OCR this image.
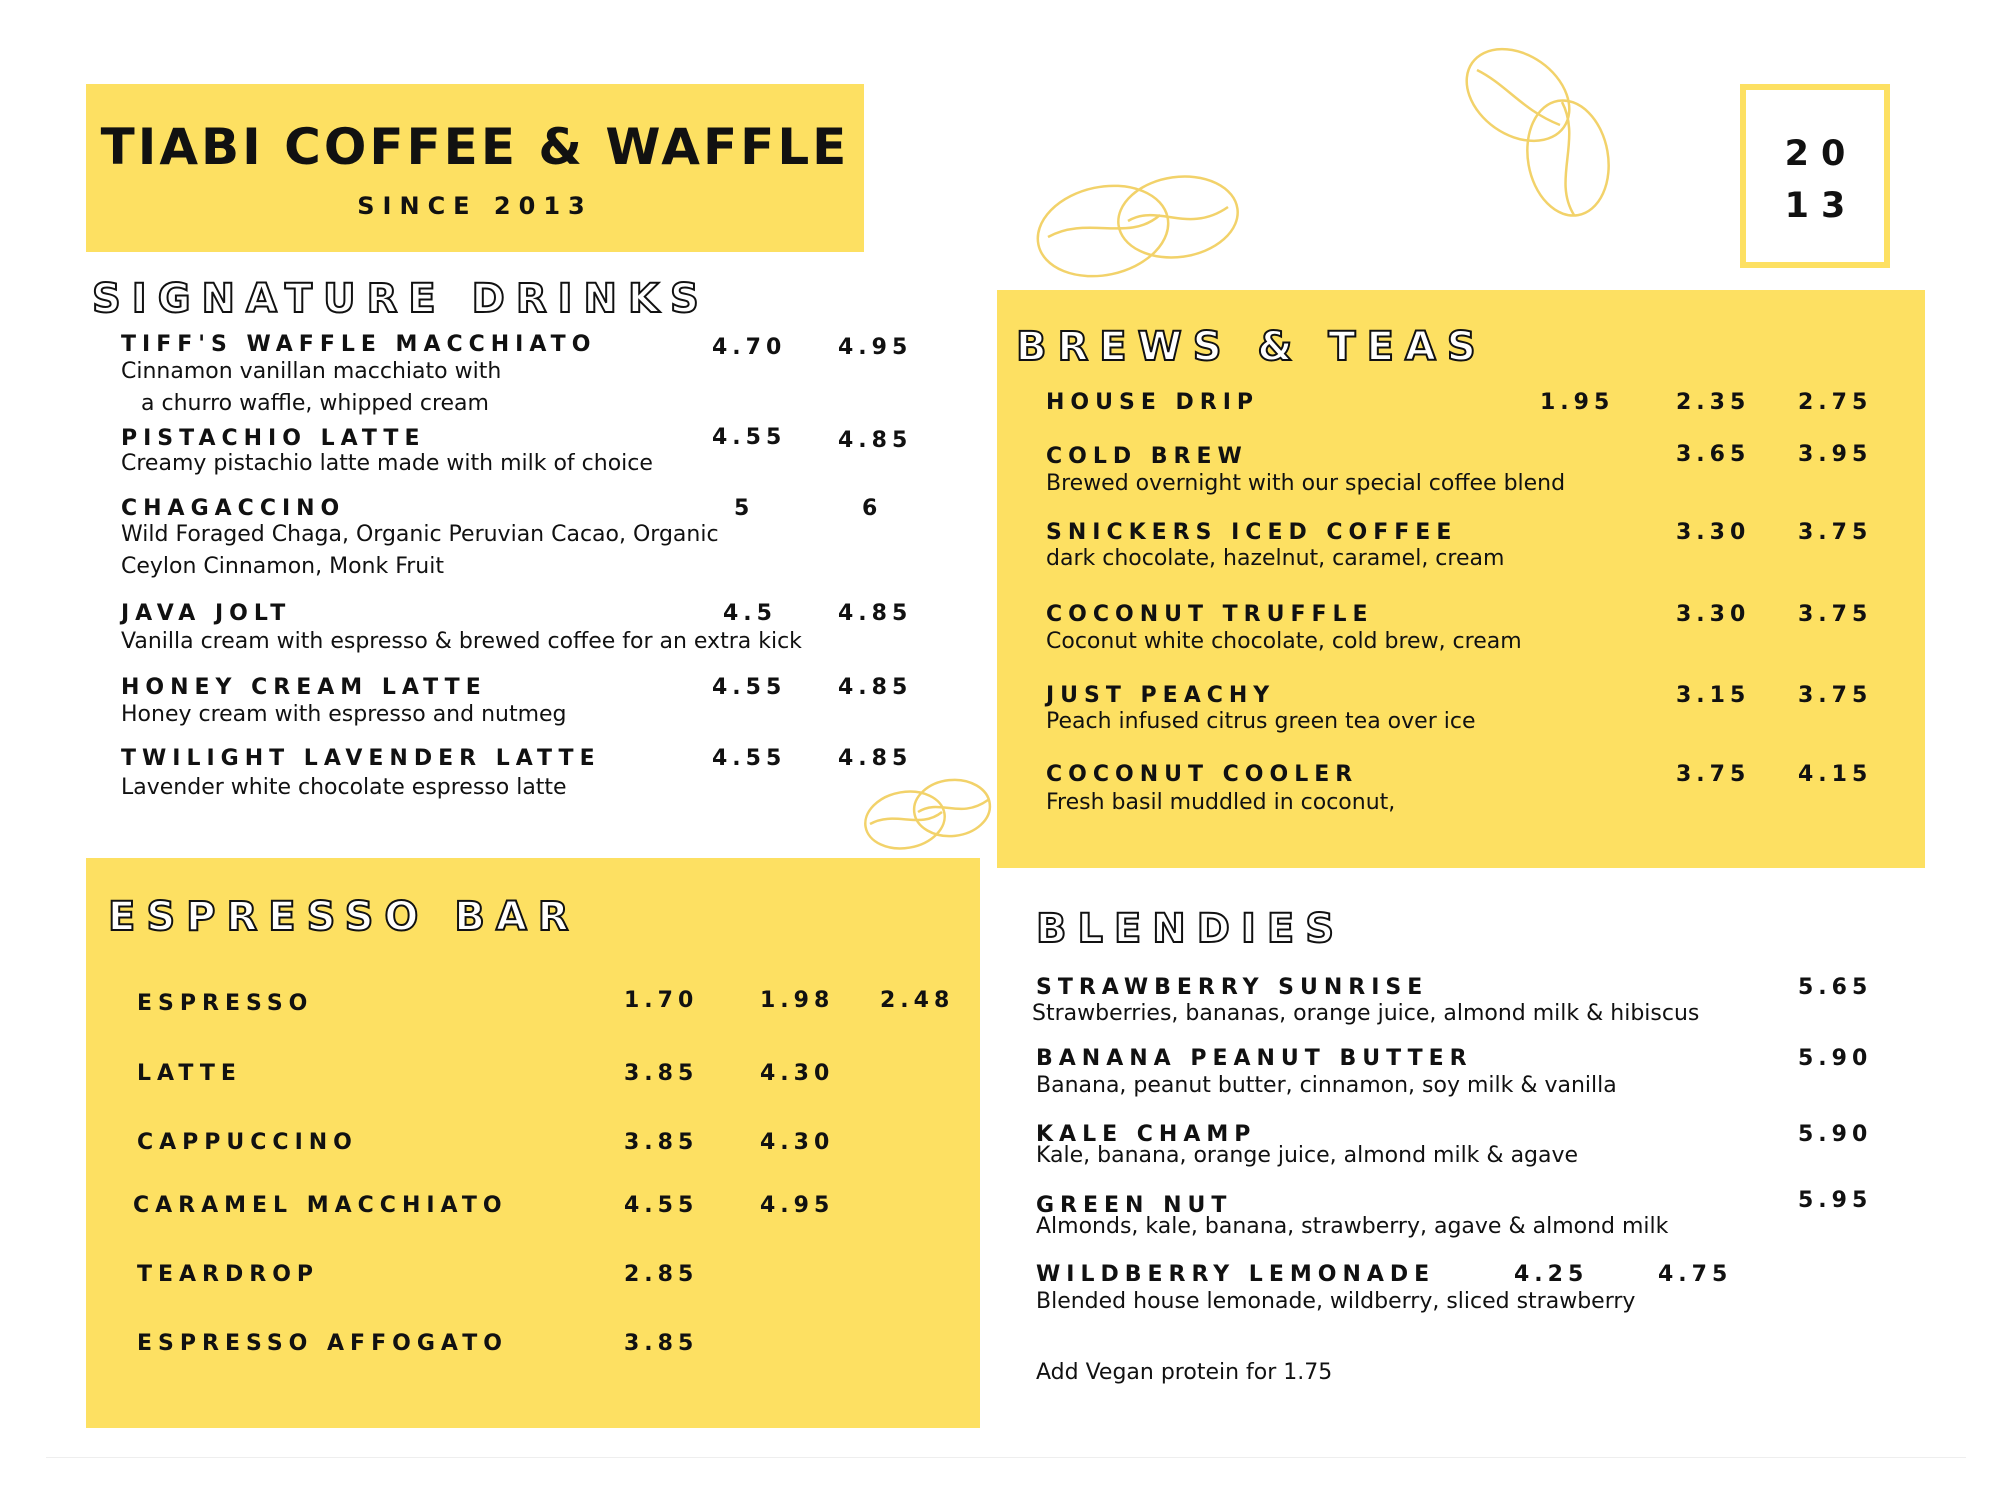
TIABI COFFEE & WAFFLE
SINCE 2013
20
13
SIGNATURE DRINKS
TIFF'S WAFFLE MACCHIATO	4.70 4.95
Cinnamon vanillan macchiato with
a churro waffle, whipped cream
PISTACHIO LATTE	4.55 4.85
Creamy pistachio latte made with milk of choice
CHAGACCINO	5	6
Wild Foraged Chaga, Organic Peruvian Cacao, Organic
Ceylon Cinnamon, Monk Fruit
JAVA JOLT	4.5	4.85
Vanilla cream with espresso & brewed coffee for an extra kick
HONEY CREAM LATTE	4.55 4.85
Honey cream with espresso and nutmeg
TWILIGHT LAVENDER LATTE	4.55 4.85
Lavender white chocolate espresso latte
BREWS & TEAS
HOUSE DRIP	1.95	2.35 2.75
COLD BREW	3.65 3.95
Brewed overnight with our special coffee blend
SNICKERS ICED COFFEE	3.30 3.75
dark chocolate, hazelnut, caramel, cream
COCONUT TRUFFLE	3.30 3.75
Coconut white chocolate, cold brew, cream
JUST PEACHY	3.15 3.75
Peach infused citrus green tea over ice
COCONUT COOLER	3.75 4.15
Fresh basil muddled in coconut,
ESPRESSO BAR
ESPRESSO	1.70	1.98 2.48
LATTE	3.85	4.30
CAPPUCCINO	3.85	4.30
CARAMEL MACCHIATO	4.55	4.95
TEARDROP	2.85
ESPRESSO AFFOGATO	3.85
BLENDIES
STRAWBERRY SUNRISE	5.65
Strawberries, bananas, orange juice, almond milk & hibiscus
BANANA PEANUT BUTTER	5.90
Banana, peanut butter, cinnamon, soy milk & vanilla
KALE CHAMP	5.90
Kale, banana, orange juice, almond milk & agave
GREEN NUT	5.95
Almonds, kale, banana, strawberry, agave & almond milk
WILDBERRY LEMONADE	4.25	4.75
Blended house lemonade, wildberry, sliced strawberry
Add Vegan protein for 1.75
